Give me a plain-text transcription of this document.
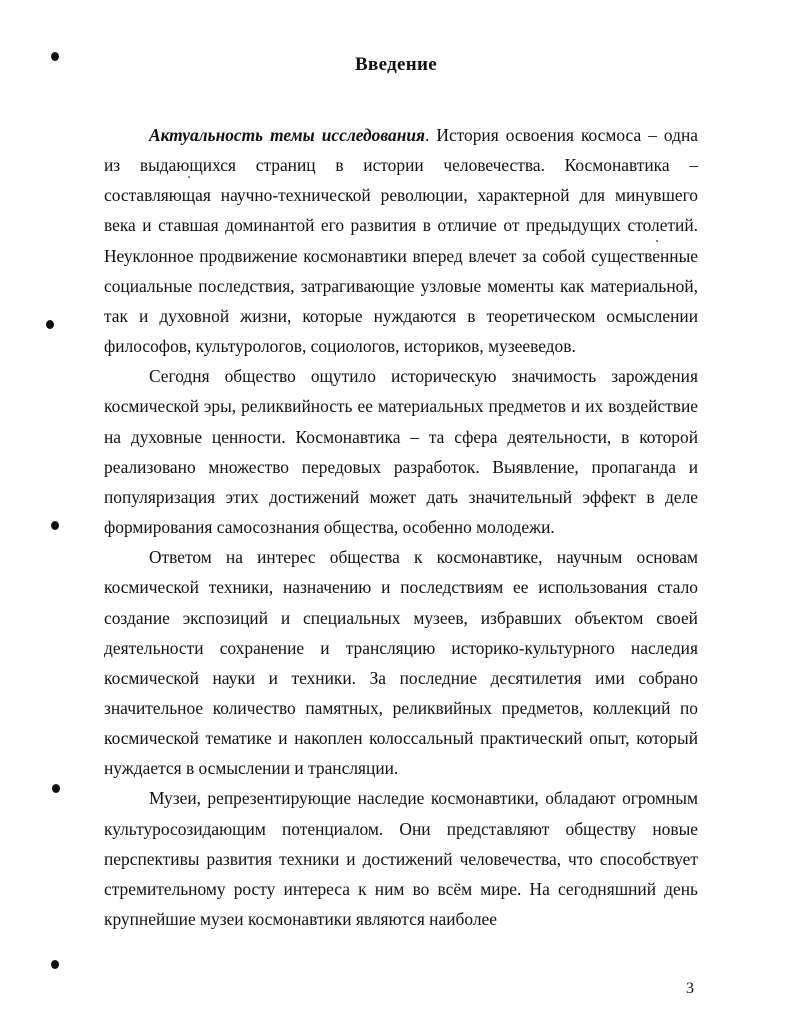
Введение

Актуальность темы исследования. История освоения космоса – одна из выдающихся страниц в истории человечества. Космонавтика – составляющая научно-технической революции, характерной для минувшего века и ставшая доминантой его развития в отличие от предыдущих столетий. Неуклонное продвижение космонавтики вперед влечет за собой существенные социальные последствия, затрагивающие узловые моменты как материальной, так и духовной жизни, которые нуждаются в теоретическом осмыслении философов, культурологов, социологов, историков, музееведов.

Сегодня общество ощутило историческую значимость зарождения космической эры, реликвийность ее материальных предметов и их воздействие на духовные ценности. Космонавтика – та сфера деятельности, в которой реализовано множество передовых разработок. Выявление, пропаганда и популяризация этих достижений может дать значительный эффект в деле формирования самосознания общества, особенно молодежи.

Ответом на интерес общества к космонавтике, научным основам космической техники, назначению и последствиям ее использования стало создание экспозиций и специальных музеев, избравших объектом своей деятельности сохранение и трансляцию историко-культурного наследия космической науки и техники. За последние десятилетия ими собрано значительное количество памятных, реликвийных предметов, коллекций по космической тематике и накоплен колоссальный практический опыт, который нуждается в осмыслении и трансляции.

Музеи, репрезентирующие наследие космонавтики, обладают огромным культуросозидающим потенциалом. Они представляют обществу новые перспективы развития техники и достижений человечества, что способствует стремительному росту интереса к ним во всём мире. На сегодняшний день крупнейшие музеи космонавтики являются наиболее

3
